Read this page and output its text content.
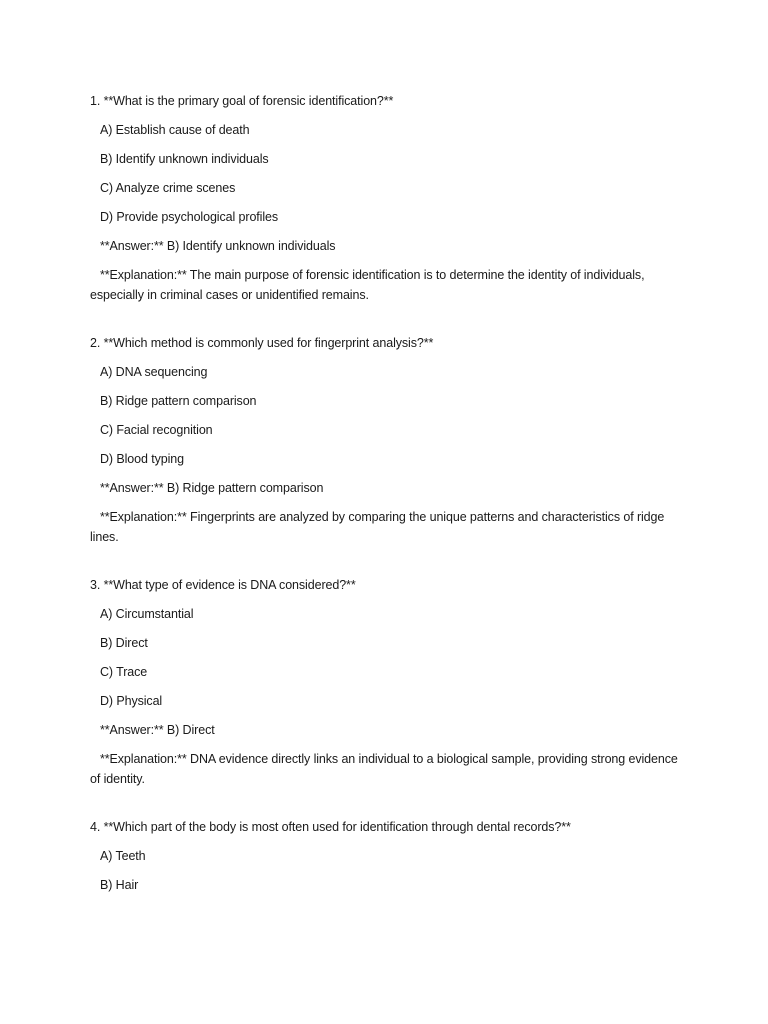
1. **What is the primary goal of forensic identification?**
A) Establish cause of death
B) Identify unknown individuals
C) Analyze crime scenes
D) Provide psychological profiles
**Answer:** B) Identify unknown individuals
**Explanation:** The main purpose of forensic identification is to determine the identity of individuals, especially in criminal cases or unidentified remains.
2. **Which method is commonly used for fingerprint analysis?**
A) DNA sequencing
B) Ridge pattern comparison
C) Facial recognition
D) Blood typing
**Answer:** B) Ridge pattern comparison
**Explanation:** Fingerprints are analyzed by comparing the unique patterns and characteristics of ridge lines.
3. **What type of evidence is DNA considered?**
A) Circumstantial
B) Direct
C) Trace
D) Physical
**Answer:** B) Direct
**Explanation:** DNA evidence directly links an individual to a biological sample, providing strong evidence of identity.
4. **Which part of the body is most often used for identification through dental records?**
A) Teeth
B) Hair
